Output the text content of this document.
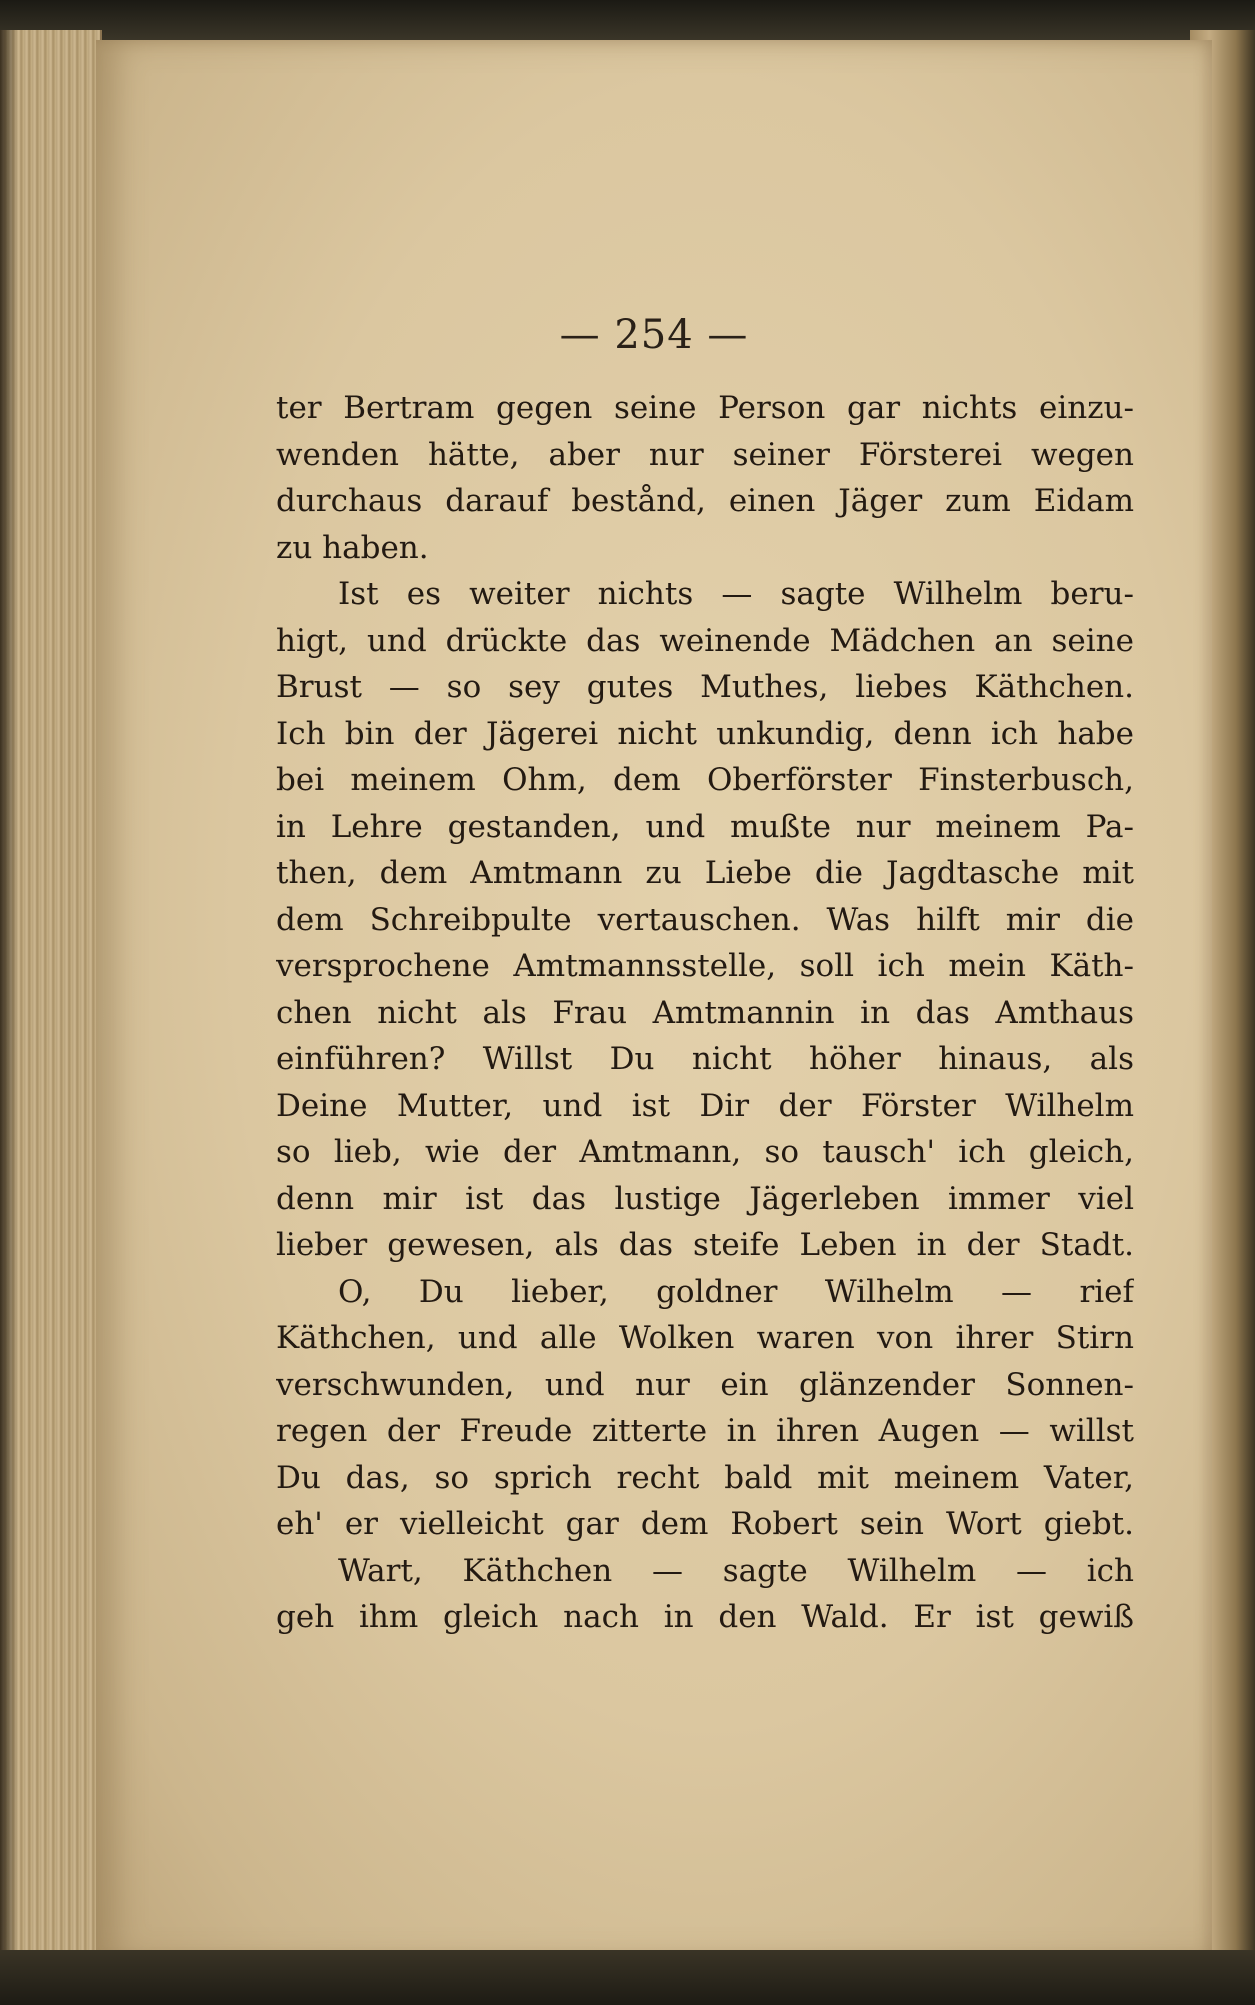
— 254 —
ter Bertram gegen seine Person gar nichts einzu-
wenden hätte, aber nur seiner Försterei wegen
durchaus darauf bestånd, einen Jäger zum Eidam
zu haben.
Ist es weiter nichts — sagte Wilhelm beru-
higt, und drückte das weinende Mädchen an seine
Brust — so sey gutes Muthes, liebes Käthchen.
Ich bin der Jägerei nicht unkundig, denn ich habe
bei meinem Ohm, dem Oberförster Finsterbusch,
in Lehre gestanden, und mußte nur meinem Pa-
then, dem Amtmann zu Liebe die Jagdtasche mit
dem Schreibpulte vertauschen. Was hilft mir die
versprochene Amtmannsstelle, soll ich mein Käth-
chen nicht als Frau Amtmannin in das Amthaus
einführen? Willst Du nicht höher hinaus, als
Deine Mutter, und ist Dir der Förster Wilhelm
so lieb, wie der Amtmann, so tausch' ich gleich,
denn mir ist das lustige Jägerleben immer viel
lieber gewesen, als das steife Leben in der Stadt.
O, Du lieber, goldner Wilhelm — rief
Käthchen, und alle Wolken waren von ihrer Stirn
verschwunden, und nur ein glänzender Sonnen-
regen der Freude zitterte in ihren Augen — willst
Du das, so sprich recht bald mit meinem Vater,
eh' er vielleicht gar dem Robert sein Wort giebt.
Wart, Käthchen — sagte Wilhelm — ich
geh ihm gleich nach in den Wald. Er ist gewiß
